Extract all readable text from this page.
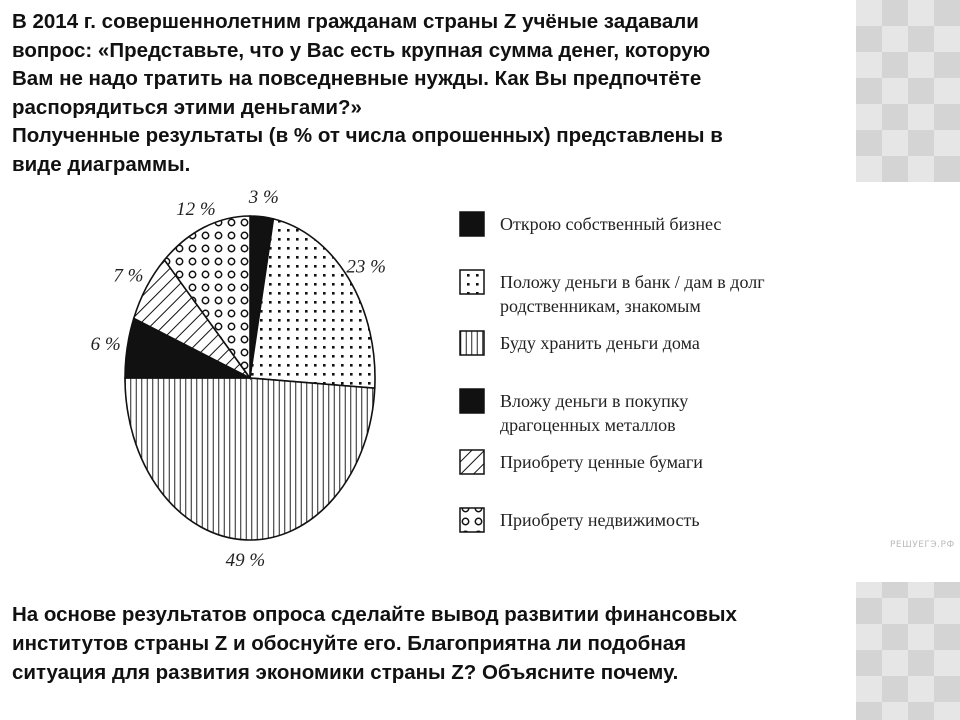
В 2014 г. совершеннолетним гражданам страны Z учёные задавали

вопрос: «Представьте, что у Вас есть крупная сумма денег, которую

Вам не надо тратить на повседневные нужды. Как Вы предпочтёте

распорядиться этими деньгами?»

Полученные результаты (в % от числа опрошенных) представлены в

виде диаграммы.

3 %
23 %
49 %
6 %
7 %
12 %
Открою собственный бизнес
Положу деньги в банк / дам в долг
родственникам, знакомым
Буду хранить деньги дома
Вложу деньги в покупку
драгоценных металлов
Приобрету ценные бумаги
Приобрету недвижимость
РЕШУЕГЭ.РФ
На основе результатов опроса сделайте вывод развитии финансовых
институтов страны Z и обоснуйте его. Благоприятна ли подобная
ситуация для развития экономики страны Z? Объясните почему.
